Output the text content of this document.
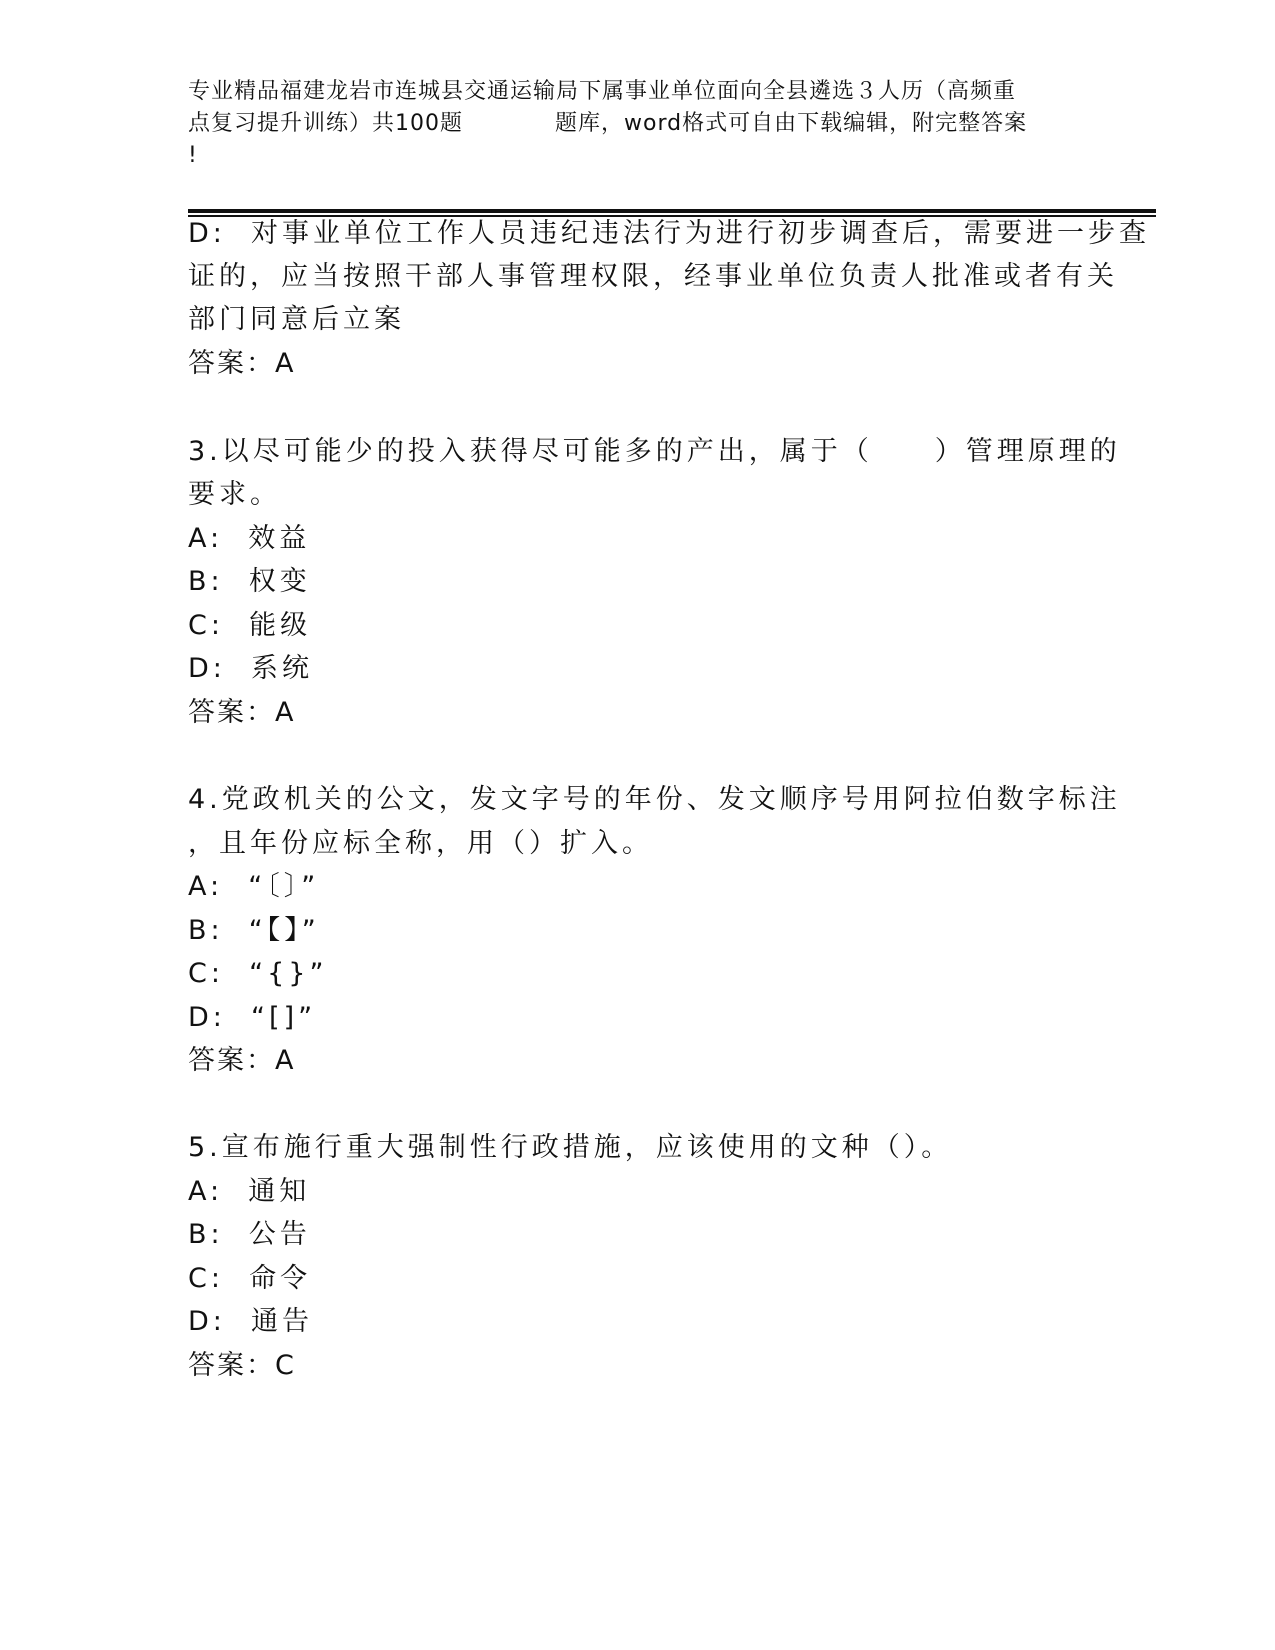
专业精品福建龙岩市连城县交通运输局下属事业单位面向全县遴选３人历（高频重
点复习提升训练）共100题　　　　题库，word格式可自由下载编辑，附完整答案
!
D:  对事业单位工作人员违纪违法行为进行初步调查后，需要进一步查
证的，应当按照干部人事管理权限，经事业单位负责人批准或者有关
部门同意后立案
答案：A
3.以尽可能少的投入获得尽可能多的产出，属于（　　）管理原理的
要求。
A:  效益
B:  权变
C:  能级
D:  系统
答案：A
4.党政机关的公文，发文字号的年份、发文顺序号用阿拉伯数字标注
，且年份应标全称，用（）扩入。
A:  “〔〕”
B:  “【】”
C:  “{}”
D:  “[]”
答案：A
5.宣布施行重大强制性行政措施，应该使用的文种（）。
A:  通知
B:  公告
C:  命令
D:  通告
答案：C
